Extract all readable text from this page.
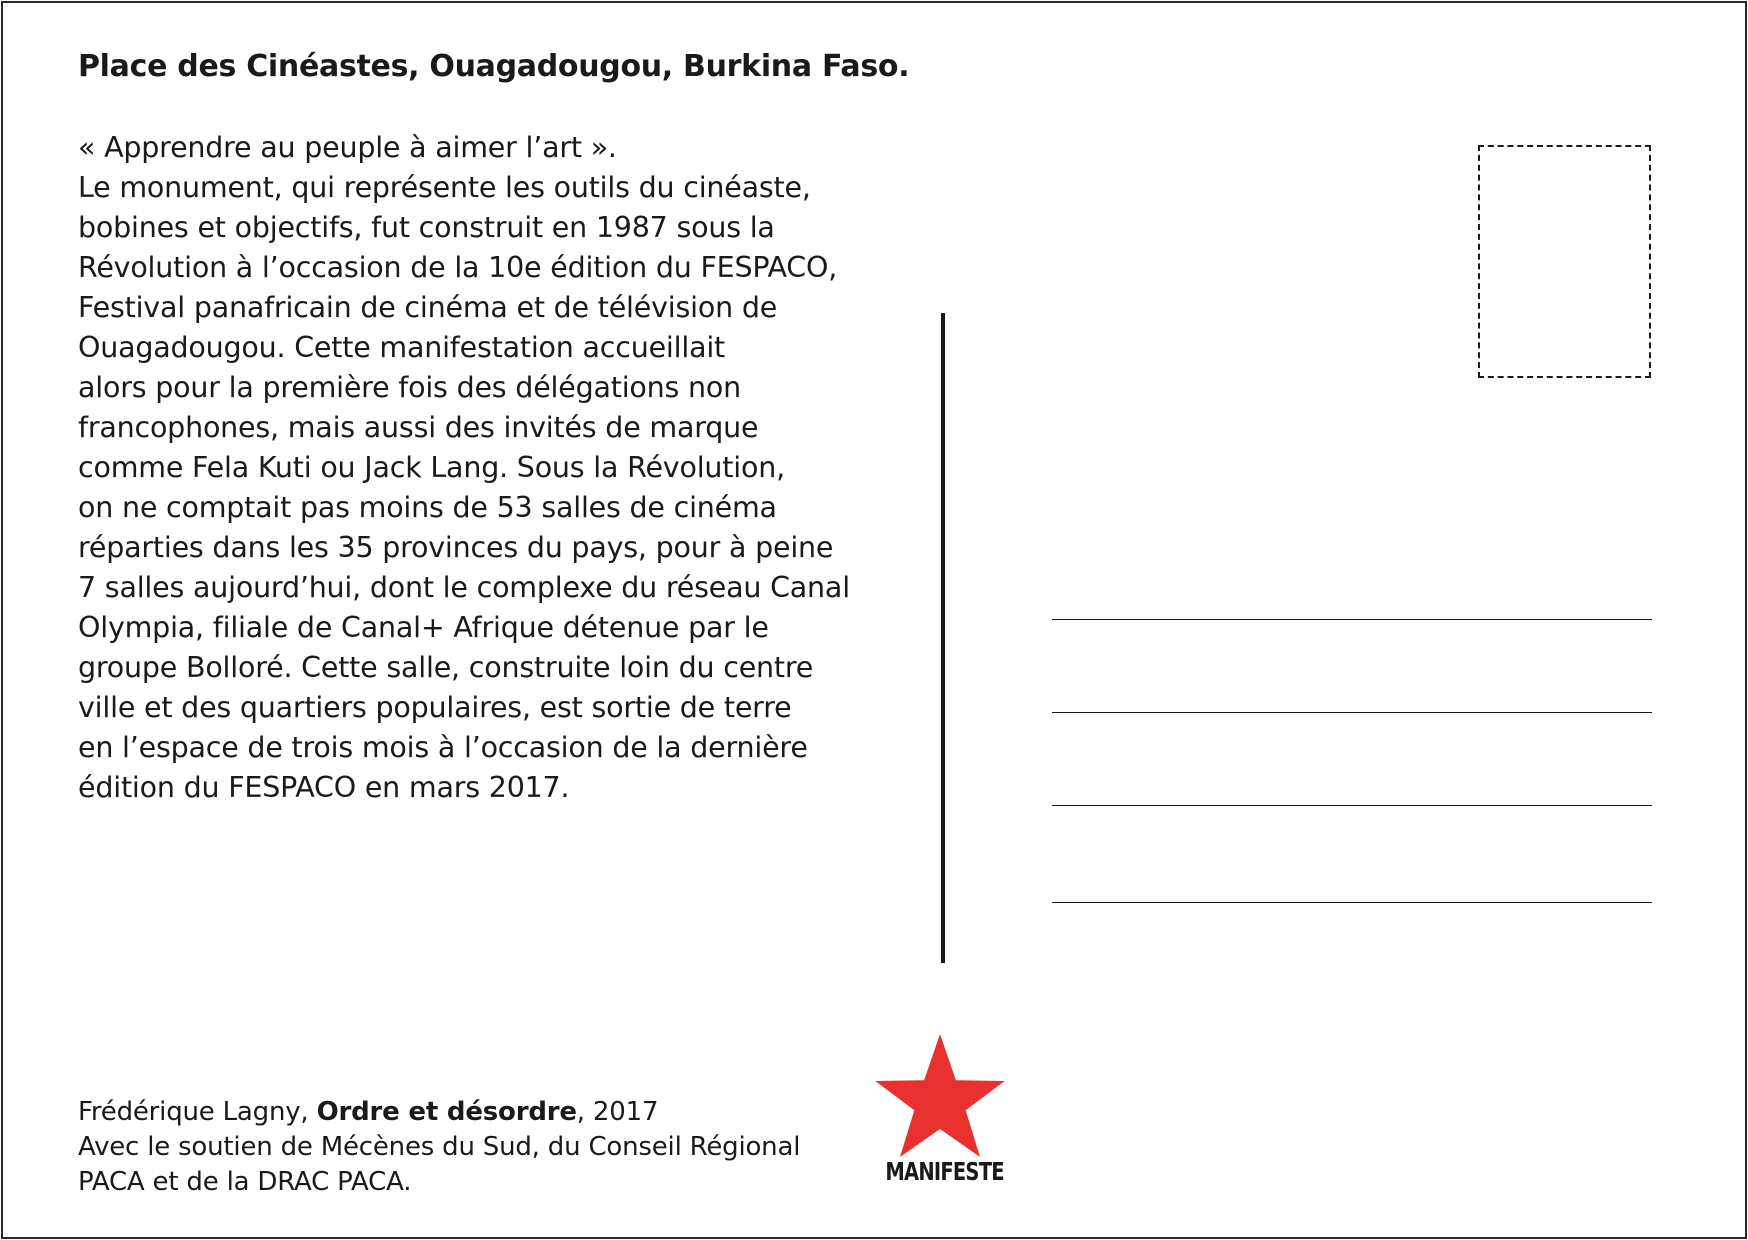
Place des Cinéastes, Ouagadougou, Burkina Faso.
« Apprendre au peuple à aimer l’art ».
Le monument, qui représente les outils du cinéaste,
bobines et objectifs, fut construit en 1987 sous la
Révolution à l’occasion de la 10e édition du FESPACO,
Festival panafricain de cinéma et de télévision de
Ouagadougou. Cette manifestation accueillait
alors pour la première fois des délégations non
francophones, mais aussi des invités de marque
comme Fela Kuti ou Jack Lang. Sous la Révolution,
on ne comptait pas moins de 53 salles de cinéma
réparties dans les 35 provinces du pays, pour à peine
7 salles aujourd’hui, dont le complexe du réseau Canal
Olympia, filiale de Canal+ Afrique détenue par le
groupe Bolloré. Cette salle, construite loin du centre
ville et des quartiers populaires, est sortie de terre
en l’espace de trois mois à l’occasion de la dernière
édition du FESPACO en mars 2017.
Frédérique Lagny, Ordre et désordre, 2017
Avec le soutien de Mécènes du Sud, du Conseil Régional
PACA et de la DRAC PACA.	MANIFESTE
